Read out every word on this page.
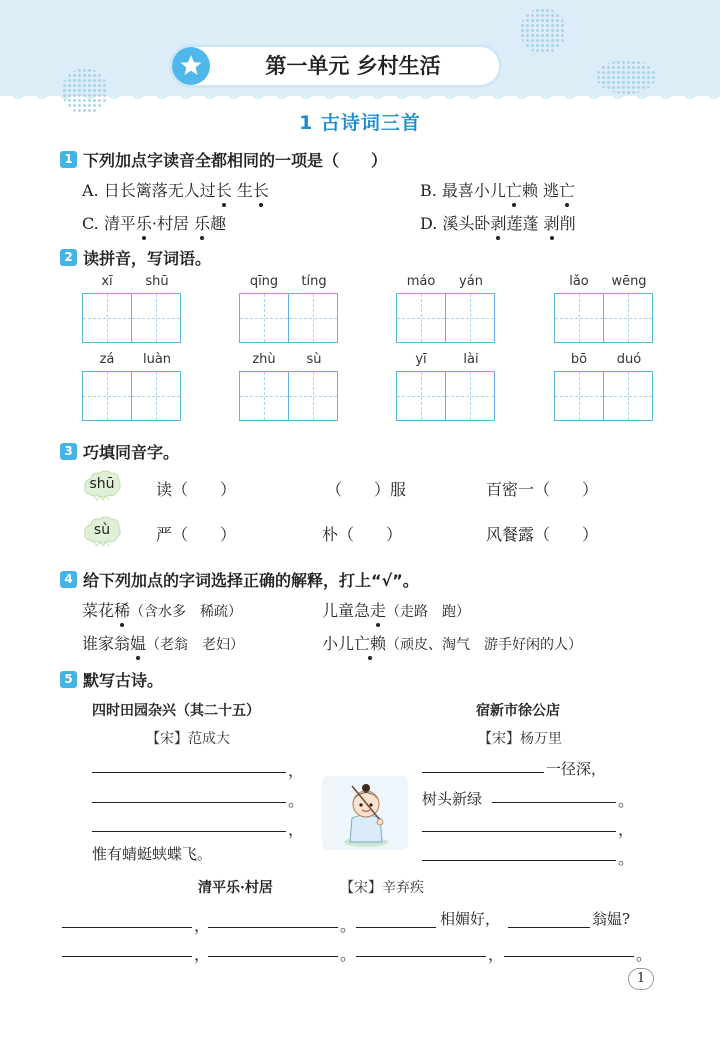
第一单元 乡村生活
1 古诗词三首
1 下列加点字读音全都相同的一项是（　　）
A. 日长篱落无人过长 生长	B. 最喜小儿亡赖 逃亡
C. 清平乐·村居 乐趣	D. 溪头卧剥莲蓬 剥削
2 读拼音，写词语。
xī	shū	qīng	tíng	máo	yán	lǎo	wēng
zá	luàn	zhù	sù	yī	lài	bō	duó
3 巧填同音字。
shū	读（　　）	（　　）服	百密一（　　）
sù	严（　　）	朴（　　）	风餐露（　　）
4 给下列加点的字词选择正确的解释，打上“√”。
菜花稀（含水多　稀疏）	儿童急走（走路　跑）
谁家翁媪（老翁　老妇）	小儿亡赖（顽皮、淘气　游手好闲的人）
5 默写古诗。
四时田园杂兴（其二十五）
【宋】范成大
，
。
，
惟有蜻蜓蛱蝶飞。
宿新市徐公店
【宋】杨万里
一径深，
树头新绿	。
，
。
清平乐·村居	【宋】辛弃疾
，	。	相媚好，	翁媪?
，	。	，	。
1
